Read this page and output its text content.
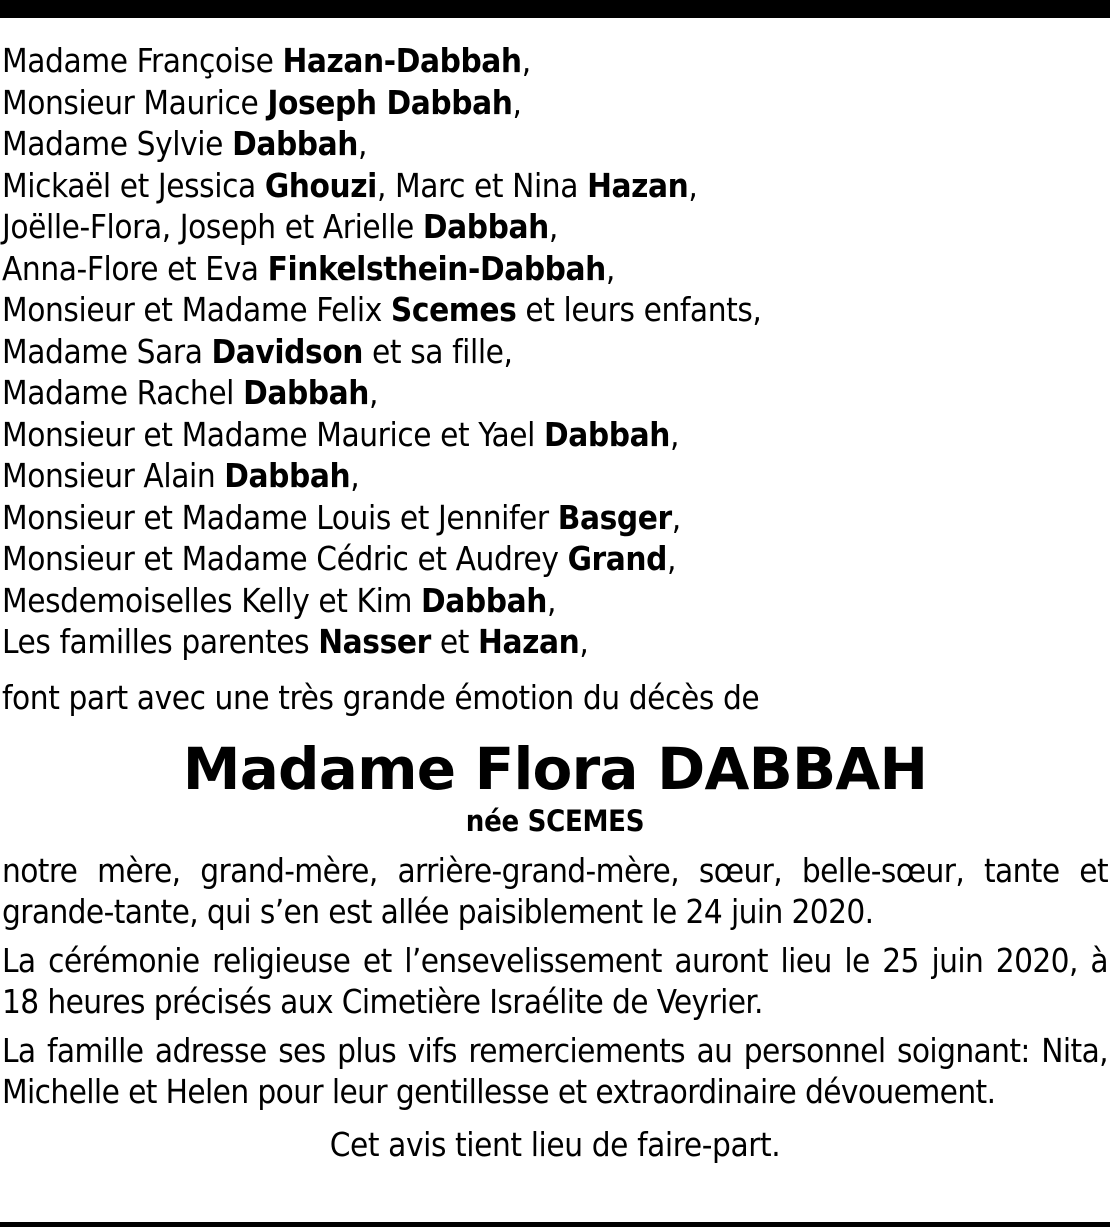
Madame Françoise Hazan-Dabbah,
Monsieur Maurice Joseph Dabbah,
Madame Sylvie Dabbah,
Mickaël et Jessica Ghouzi, Marc et Nina Hazan,
Joëlle-Flora, Joseph et Arielle Dabbah,
Anna-Flore et Eva Finkelsthein-Dabbah,
Monsieur et Madame Felix Scemes et leurs enfants,
Madame Sara Davidson et sa fille,
Madame Rachel Dabbah,
Monsieur et Madame Maurice et Yael Dabbah,
Monsieur Alain Dabbah,
Monsieur et Madame Louis et Jennifer Basger,
Monsieur et Madame Cédric et Audrey Grand,
Mesdemoiselles Kelly et Kim Dabbah,
Les familles parentes Nasser et Hazan,
font part avec une très grande émotion du décès de
Madame Flora DABBAH
née SCEMES
notre mère, grand-mère, arrière-grand-mère, sœur, belle-sœur, tante et grande-tante, qui s’en est allée paisiblement le 24 juin 2020.
La cérémonie religieuse et l’ensevelissement auront lieu le 25 juin 2020, à 18 heures précisés aux Cimetière Israélite de Veyrier.
La famille adresse ses plus vifs remerciements au personnel soignant: Nita, Michelle et Helen pour leur gentillesse et extraordinaire dévouement.
Cet avis tient lieu de faire-part.
